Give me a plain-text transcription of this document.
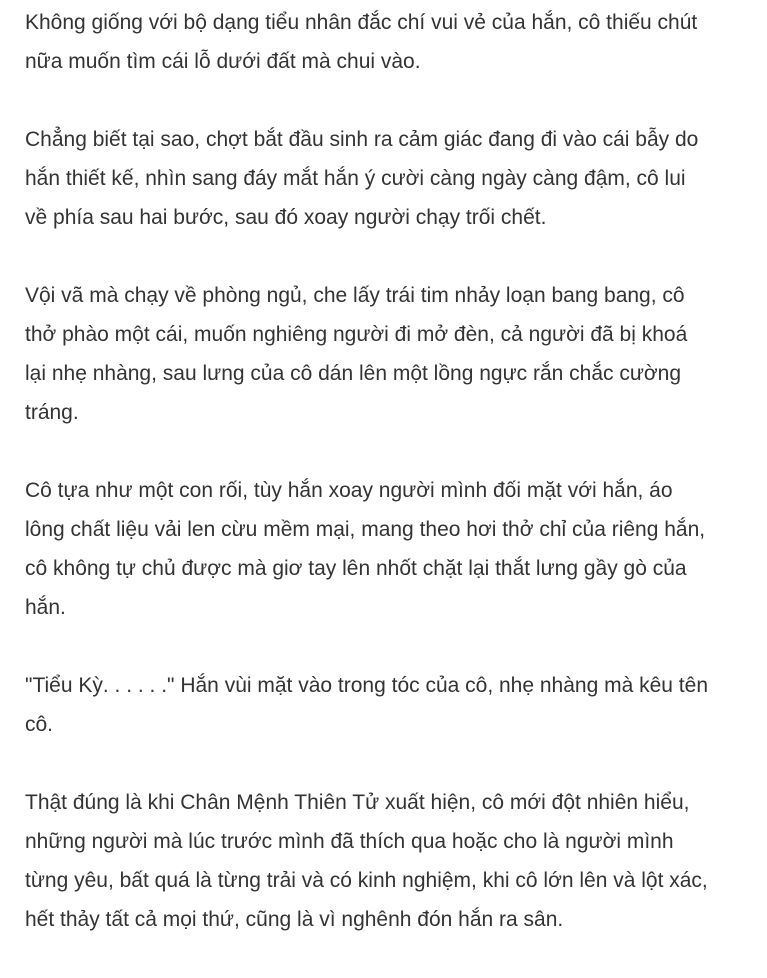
Không giống với bộ dạng tiểu nhân đắc chí vui vẻ của hắn, cô thiếu chút
nữa muốn tìm cái lỗ dưới đất mà chui vào.

Chẳng biết tại sao, chợt bắt đầu sinh ra cảm giác đang đi vào cái bẫy do
hắn thiết kế, nhìn sang đáy mắt hắn ý cười càng ngày càng đậm, cô lui
về phía sau hai bước, sau đó xoay người chạy trối chết.

Vội vã mà chạy về phòng ngủ, che lấy trái tim nhảy loạn bang bang, cô
thở phào một cái, muốn nghiêng người đi mở đèn, cả người đã bị khoá
lại nhẹ nhàng, sau lưng của cô dán lên một lồng ngực rắn chắc cường
tráng.

Cô tựa như một con rối, tùy hắn xoay người mình đối mặt với hắn, áo
lông chất liệu vải len cừu mềm mại, mang theo hơi thở chỉ của riêng hắn,
cô không tự chủ được mà giơ tay lên nhốt chặt lại thắt lưng gầy gò của
hắn.

"Tiểu Kỳ. . . . . ." Hắn vùi mặt vào trong tóc của cô, nhẹ nhàng mà kêu tên
cô.

Thật đúng là khi Chân Mệnh Thiên Tử xuất hiện, cô mới đột nhiên hiểu,
những người mà lúc trước mình đã thích qua hoặc cho là người mình
từng yêu, bất quá là từng trải và có kinh nghiệm, khi cô lớn lên và lột xác,
hết thảy tất cả mọi thứ, cũng là vì nghênh đón hắn ra sân.
